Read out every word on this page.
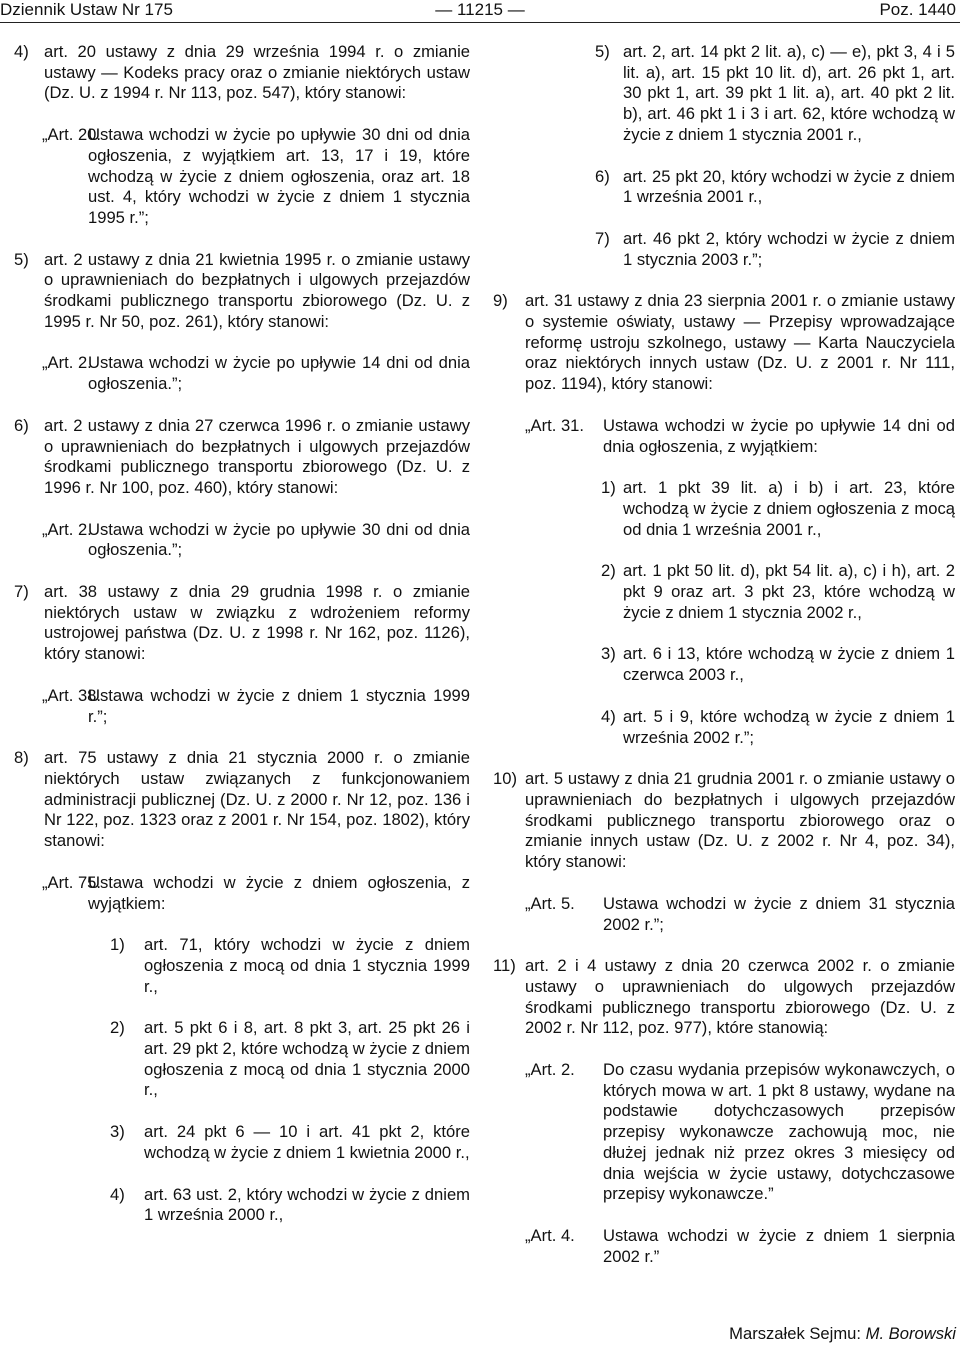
Dziennik Ustaw Nr 175	— 11215 —	Poz. 1440
4) art. 20 ustawy z dnia 29 września 1994 r. o zmianie ustawy — Kodeks pracy oraz o zmianie niektórych ustaw (Dz. U. z 1994 r. Nr 113, poz. 547), który stanowi:
„Art. 20.
Ustawa wchodzi w życie po upływie 30 dni od dnia ogłoszenia, z wyjątkiem art. 13, 17 i 19, które wchodzą w życie z dniem ogłoszenia, oraz art. 18 ust. 4, który wchodzi w życie z dniem 1 stycznia 1995 r.”;
5) art. 2 ustawy z dnia 21 kwietnia 1995 r. o zmianie ustawy o uprawnieniach do bezpłatnych i ulgowych przejazdów środkami publicznego transportu zbiorowego (Dz. U. z 1995 r. Nr 50, poz. 261), który stanowi:
„Art. 2.
Ustawa wchodzi w życie po upływie 14 dni od dnia ogłoszenia.”;
6) art. 2 ustawy z dnia 27 czerwca 1996 r. o zmianie ustawy o uprawnieniach do bezpłatnych i ulgowych przejazdów środkami publicznego transportu zbiorowego (Dz. U. z 1996 r. Nr 100, poz. 460), który stanowi:
„Art. 2.
Ustawa wchodzi w życie po upływie 30 dni od dnia ogłoszenia.”;
7) art. 38 ustawy z dnia 29 grudnia 1998 r. o zmianie niektórych ustaw w związku z wdrożeniem reformy ustrojowej państwa (Dz. U. z 1998 r. Nr 162, poz. 1126), który stanowi:
„Art. 38.
Ustawa wchodzi w życie z dniem 1 stycznia 1999 r.”;
8) art. 75 ustawy z dnia 21 stycznia 2000 r. o zmianie niektórych ustaw związanych z funkcjonowaniem administracji publicznej (Dz. U. z 2000 r. Nr 12, poz. 136 i Nr 122, poz. 1323 oraz z 2001 r. Nr 154, poz. 1802), który stanowi:
„Art. 75.
Ustawa wchodzi w życie z dniem ogłoszenia, z wyjątkiem:
1) art. 71, który wchodzi w życie z dniem ogłoszenia z mocą od dnia 1 stycznia 1999 r.,
2) art. 5 pkt 6 i 8, art. 8 pkt 3, art. 25 pkt 26 i art. 29 pkt 2, które wchodzą w życie z dniem ogłoszenia z mocą od dnia 1 stycznia 2000 r.,
3) art. 24 pkt 6 — 10 i art. 41 pkt 2, które wchodzą w życie z dniem 1 kwietnia 2000 r.,
4) art. 63 ust. 2, który wchodzi w życie z dniem 1 września 2000 r.,
5) art. 2, art. 14 pkt 2 lit. a), c) — e), pkt 3, 4 i 5 lit. a), art. 15 pkt 10 lit. d), art. 26 pkt 1, art. 30 pkt 1, art. 39 pkt 1 lit. a), art. 40 pkt 2 lit. b), art. 46 pkt 1 i 3 i art. 62, które wchodzą w życie z dniem 1 stycznia 2001 r.,
6) art. 25 pkt 20, który wchodzi w życie z dniem 1 września 2001 r.,
7) art. 46 pkt 2, który wchodzi w życie z dniem 1 stycznia 2003 r.”;
9) art. 31 ustawy z dnia 23 sierpnia 2001 r. o zmianie ustawy o systemie oświaty, ustawy — Przepisy wprowadzające reformę ustroju szkolnego, ustawy — Karta Nauczyciela oraz niektórych innych ustaw (Dz. U. z 2001 r. Nr 111, poz. 1194), który stanowi:
„Art. 31. Ustawa wchodzi w życie po upływie 14 dni od dnia ogłoszenia, z wyjątkiem:
1) art. 1 pkt 39 lit. a) i b) i art. 23, które wchodzą w życie z dniem ogłoszenia z mocą od dnia 1 września 2001 r.,
2) art. 1 pkt 50 lit. d), pkt 54 lit. a), c) i h), art. 2 pkt 9 oraz art. 3 pkt 23, które wchodzą w życie z dniem 1 stycznia 2002 r.,
3) art. 6 i 13, które wchodzą w życie z dniem 1 czerwca 2003 r.,
4) art. 5 i 9, które wchodzą w życie z dniem 1 września 2002 r.”;
10) art. 5 ustawy z dnia 21 grudnia 2001 r. o zmianie ustawy o uprawnieniach do bezpłatnych i ulgowych przejazdów środkami publicznego transportu zbiorowego oraz o zmianie innych ustaw (Dz. U. z 2002 r. Nr 4, poz. 34), który stanowi:
„Art. 5. Ustawa wchodzi w życie z dniem 31 stycznia 2002 r.”;
11) art. 2 i 4 ustawy z dnia 20 czerwca 2002 r. o zmianie ustawy o uprawnieniach do ulgowych przejazdów środkami publicznego transportu zbiorowego (Dz. U. z 2002 r. Nr 112, poz. 977), które stanowią:
„Art. 2. Do czasu wydania przepisów wykonawczych, o których mowa w art. 1 pkt 8 ustawy, wydane na podstawie dotychczasowych przepisów przepisy wykonawcze zachowują moc, nie dłużej jednak niż przez okres 3 miesięcy od dnia wejścia w życie ustawy, dotychczasowe przepisy wykonawcze.”
„Art. 4. Ustawa wchodzi w życie z dniem 1 sierpnia 2002 r.”
Marszałek Sejmu: M. Borowski
